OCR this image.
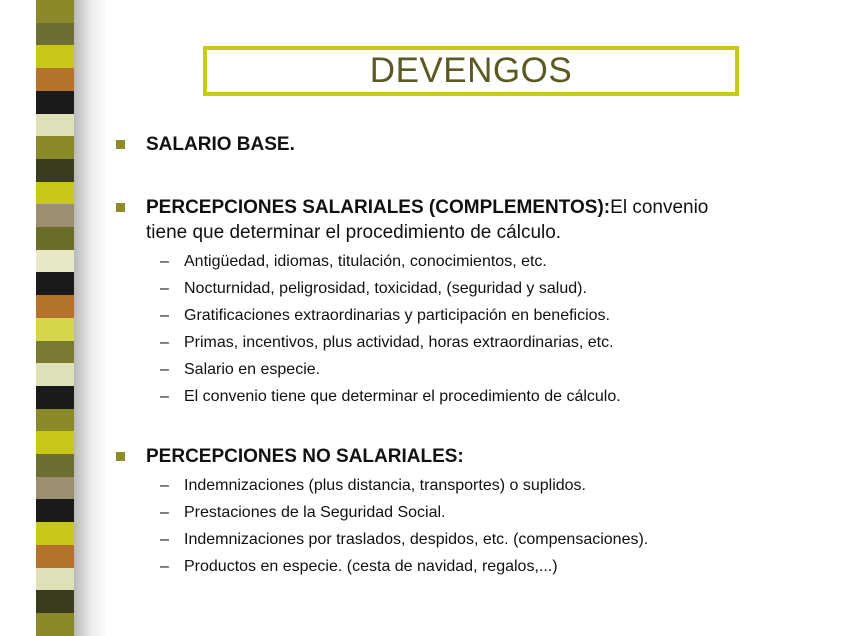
DEVENGOS
SALARIO BASE.
PERCEPCIONES SALARIALES (COMPLEMENTOS):El convenio
tiene que determinar el procedimiento de cálculo.
– Antigüedad, idiomas, titulación, conocimientos, etc.
– Nocturnidad, peligrosidad, toxicidad, (seguridad y salud).
– Gratificaciones extraordinarias y participación en beneficios.
– Primas, incentivos, plus actividad, horas extraordinarias, etc.
– Salario en especie.
– El convenio tiene que determinar el procedimiento de cálculo.
PERCEPCIONES NO SALARIALES:
– Indemnizaciones (plus distancia, transportes) o suplidos.
– Prestaciones de la Seguridad Social.
– Indemnizaciones por traslados, despidos, etc. (compensaciones).
– Productos en especie. (cesta de navidad, regalos,...)
